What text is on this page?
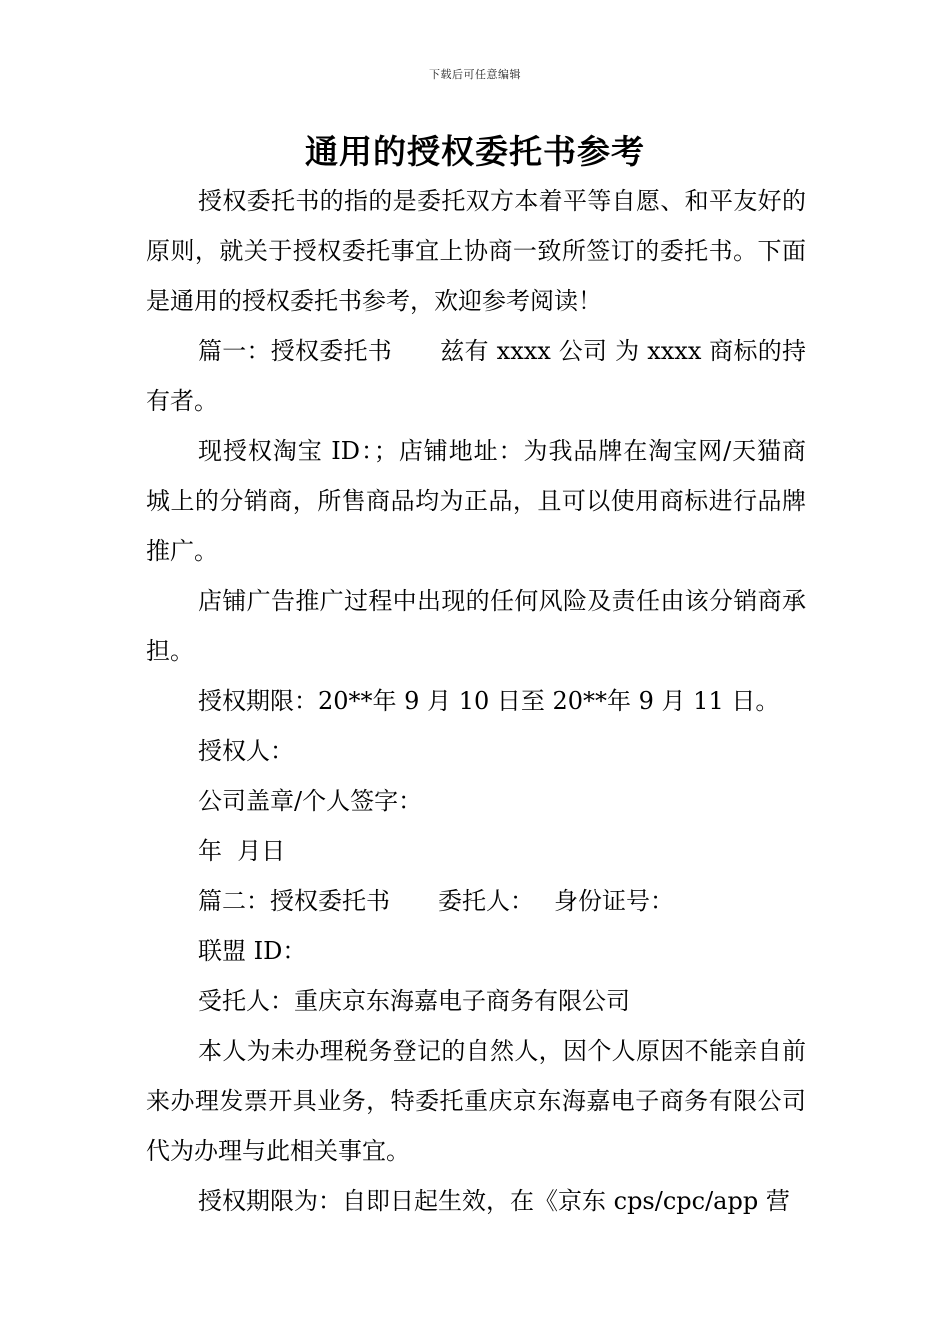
下载后可任意编辑
通用的授权委托书参考

授权委托书的指的是委托双方本着平等自愿、和平友好的原则，就关于授权委托事宜上协商一致所签订的委托书。下面是通用的授权委托书参考，欢迎参考阅读！

篇一：授权委托书 兹有 xxxx 公司 为 xxxx 商标的持有者。

现授权淘宝 ID：；店铺地址：为我品牌在淘宝网/天猫商城上的分销商，所售商品均为正品，且可以使用商标进行品牌推广。

店铺广告推广过程中出现的任何风险及责任由该分销商承担。

授权期限：20**年 9 月 10 日至 20**年 9 月 11 日。

授权人：

公司盖章/个人签字：

年  月日

篇二：授权委托书 委托人： 身份证号：

联盟 ID：

受托人：重庆京东海嘉电子商务有限公司

本人为未办理税务登记的自然人，因个人原因不能亲自前来办理发票开具业务，特委托重庆京东海嘉电子商务有限公司代为办理与此相关事宜。

授权期限为：自即日起生效，在《京东 cps/cpc/app 营
